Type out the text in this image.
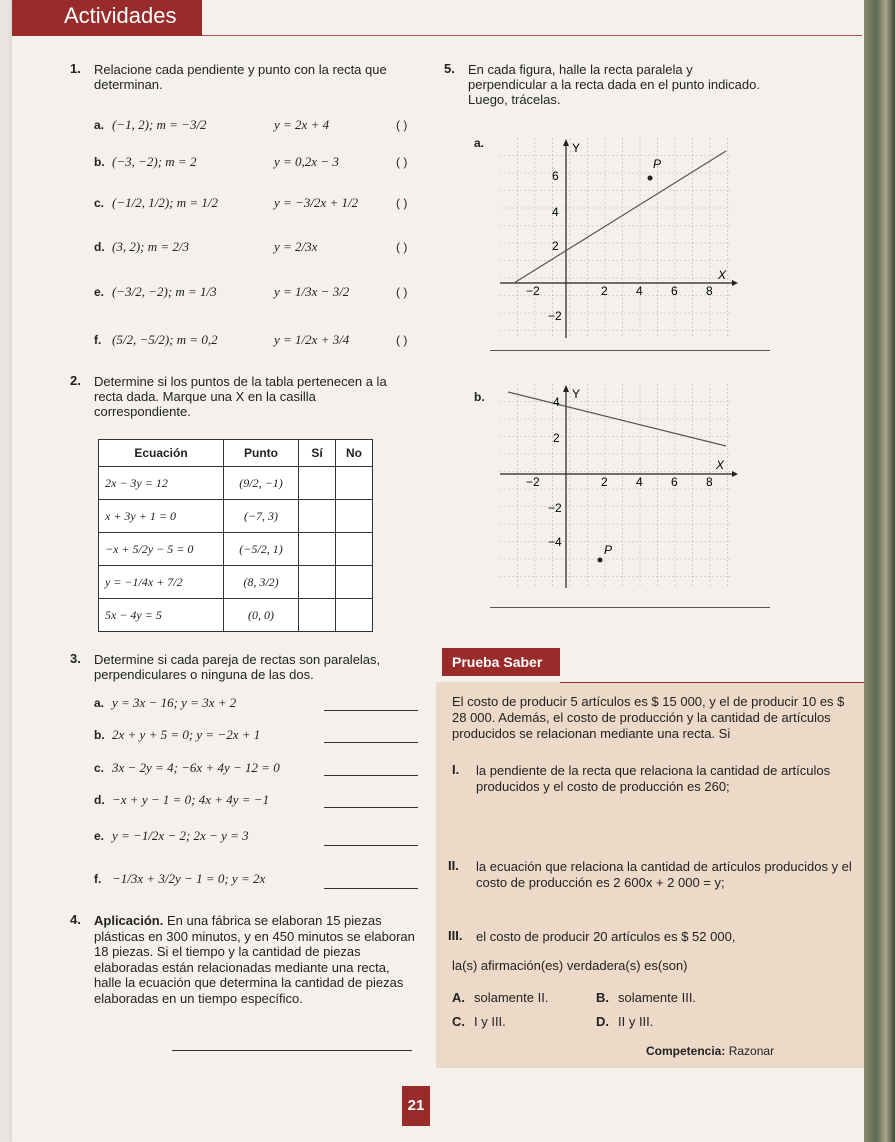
Actividades
1. Relacione cada pendiente y punto con la recta que determinan.
a. (−1, 2); m = −3/2	y = 2x + 4	( )
b. (−3, −2); m = 2	y = 0,2x − 3	( )
c. (−1/2, 1/2); m = 1/2	y = −3/2x + 1/2	( )
d. (3, 2); m = 2/3	y = 2/3x	( )
e. (−3/2, −2); m = 1/3	y = 1/3x − 3/2	( )
f. (5/2, −5/2); m = 0,2	y = 1/2x + 3/4	( )
2. Determine si los puntos de la tabla pertenecen a la recta dada. Marque una X en la casilla correspondiente.
Ecuación	Punto	Sí	No
2x − 3y = 12	(9/2, −1)		
x + 3y + 1 = 0	(−7, 3)		
−x + 5/2y − 5 = 0	(−5/2, 1)		
y = −1/4x + 7/2	(8, 3/2)		
5x − 4y = 5	(0, 0)		
3. Determine si cada pareja de rectas son paralelas, perpendiculares o ninguna de las dos.
a. y = 3x − 16; y = 3x + 2
b. 2x + y + 5 = 0; y = −2x + 1
c. 3x − 2y = 4; −6x + 4y − 12 = 0
d. −x + y − 1 = 0; 4x + 4y = −1
e. y = −1/2x − 2; 2x − y = 3
f. −1/3x + 3/2y − 1 = 0; y = 2x
4. Aplicación. En una fábrica se elaboran 15 piezas plásticas en 300 minutos, y en 450 minutos se elaboran 18 piezas. Si el tiempo y la cantidad de piezas elaboradas están relacionadas mediante una recta, halle la ecuación que determina la cantidad de piezas elaboradas en un tiempo específico.
5. En cada figura, halle la recta paralela y perpendicular a la recta dada en el punto indicado. Luego, trácelas.
a.
P
X
Y
−2	2 4 6 8
6
4
2
−2
b.
P
X
Y
−2	2 4 6 8
4
2
−2
−4
Prueba Saber
El costo de producir 5 artículos es $ 15 000, y el de producir 10 es $ 28 000. Además, el costo de producción y la cantidad de artículos producidos se relacionan mediante una recta. Si
I. la pendiente de la recta que relaciona la cantidad de artículos producidos y el costo de producción es 260;
II. la ecuación que relaciona la cantidad de artículos producidos y el costo de producción es 2 600x + 2 000 = y;
III. el costo de producir 20 artículos es $ 52 000,
la(s) afirmación(es) verdadera(s) es(son)
A. solamente II.	B. solamente III.
C. I y III.	D. II y III.
Competencia: Razonar
21
